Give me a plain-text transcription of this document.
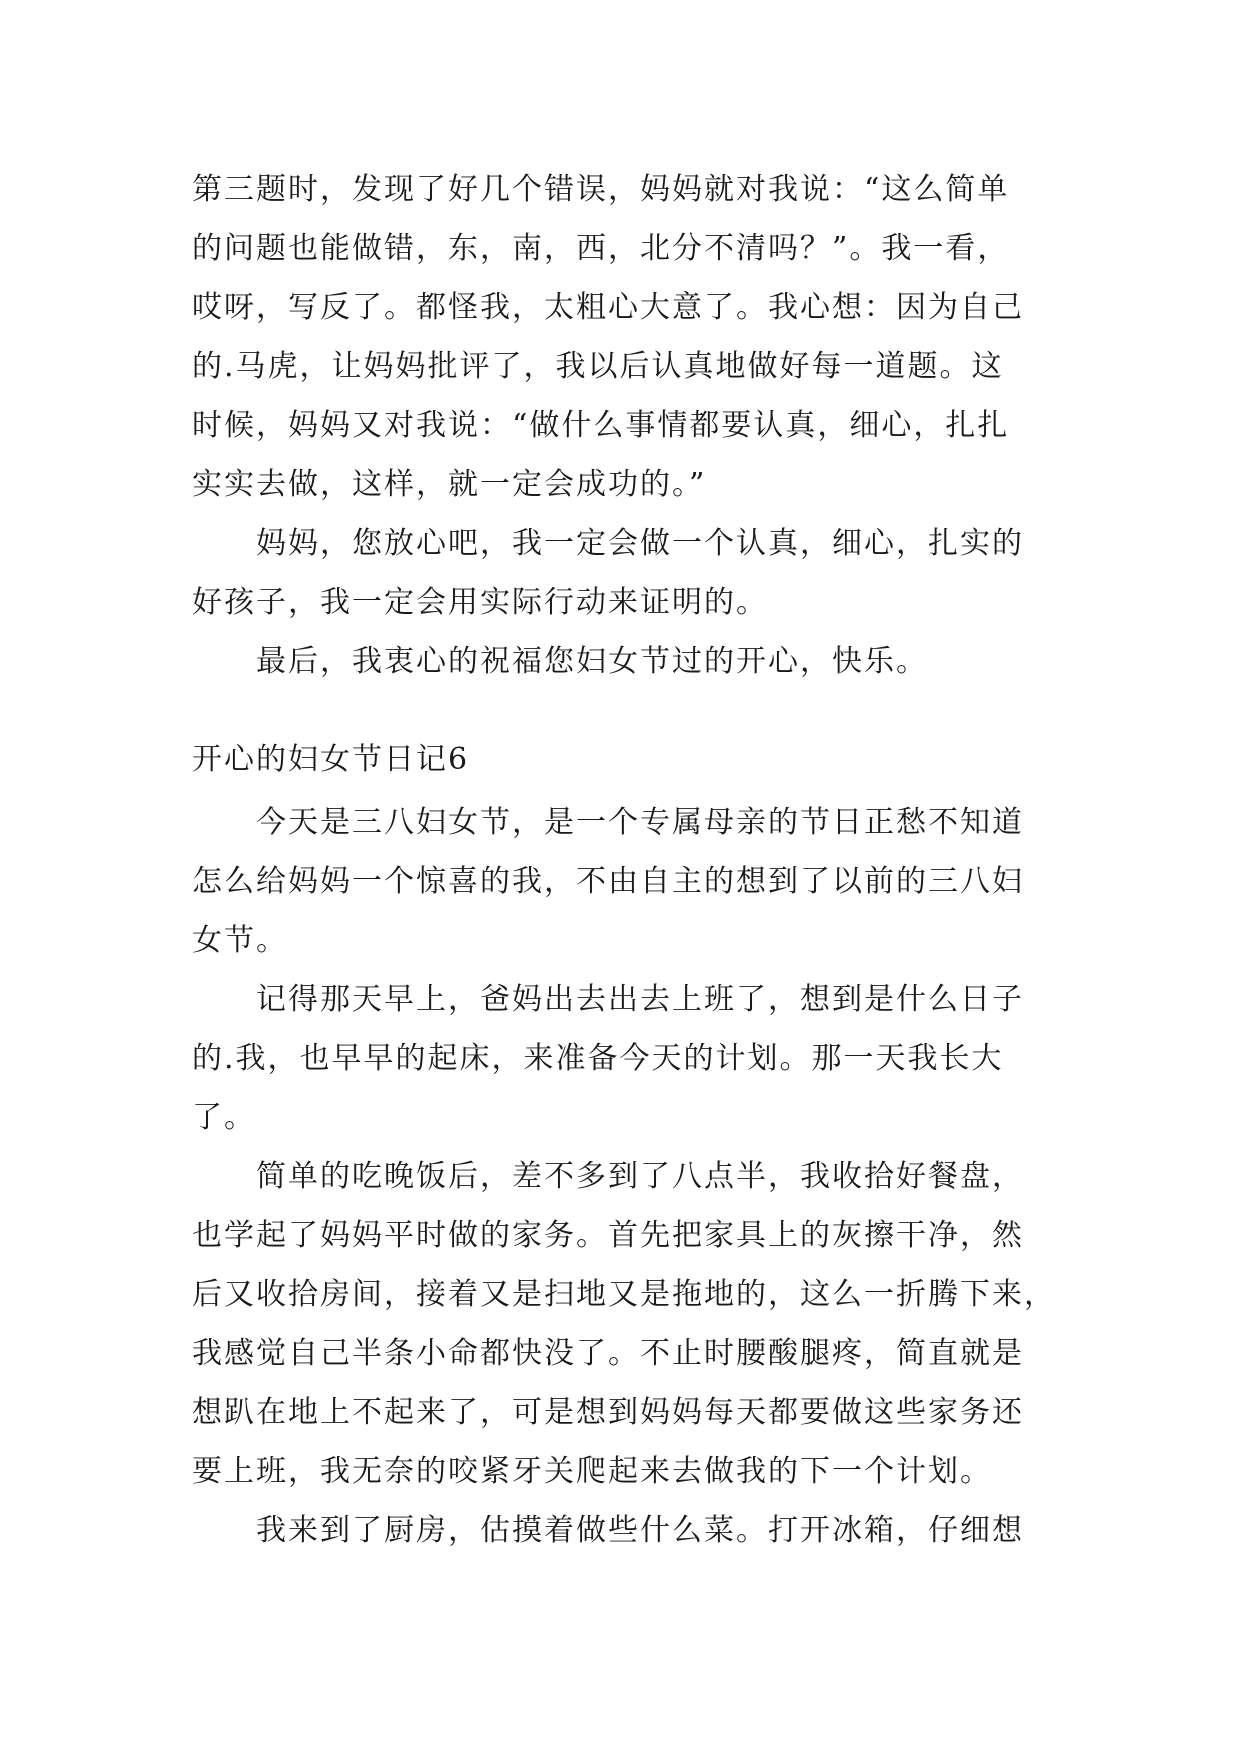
第三题时，发现了好几个错误，妈妈就对我说：“这么简单
的问题也能做错，东，南，西，北分不清吗？”。我一看，
哎呀，写反了。都怪我，太粗心大意了。我心想：因为自己
的.马虎，让妈妈批评了，我以后认真地做好每一道题。这
时候，妈妈又对我说：“做什么事情都要认真，细心，扎扎
实实去做，这样，就一定会成功的。”
　　妈妈，您放心吧，我一定会做一个认真，细心，扎实的
好孩子，我一定会用实际行动来证明的。
　　最后，我衷心的祝福您妇女节过的开心，快乐。
开心的妇女节日记6
　　今天是三八妇女节，是一个专属母亲的节日正愁不知道
怎么给妈妈一个惊喜的我，不由自主的想到了以前的三八妇
女节。
　　记得那天早上，爸妈出去出去上班了，想到是什么日子
的.我，也早早的起床，来准备今天的计划。那一天我长大
了。
　　简单的吃晚饭后，差不多到了八点半，我收拾好餐盘，
也学起了妈妈平时做的家务。首先把家具上的灰擦干净，然
后又收拾房间，接着又是扫地又是拖地的，这么一折腾下来，
我感觉自己半条小命都快没了。不止时腰酸腿疼，简直就是
想趴在地上不起来了，可是想到妈妈每天都要做这些家务还
要上班，我无奈的咬紧牙关爬起来去做我的下一个计划。
　　我来到了厨房，估摸着做些什么菜。打开冰箱，仔细想
